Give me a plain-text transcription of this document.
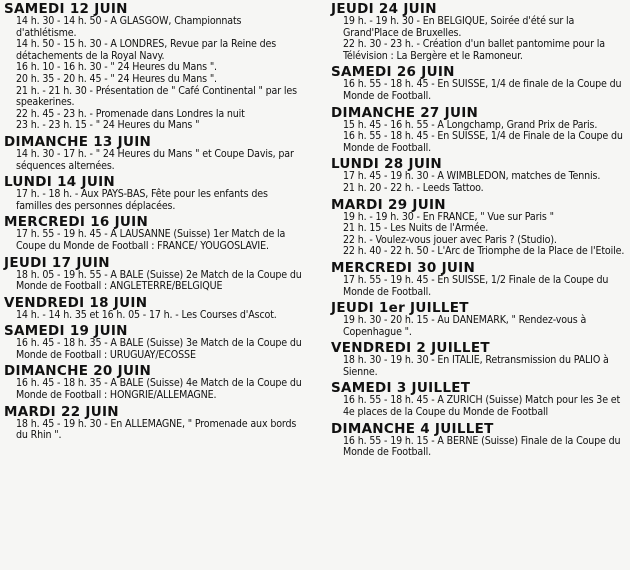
SAMEDI 12 JUIN

14 h. 30 - 14 h. 50 - A GLASGOW, Championnats d'athlétisme.

14 h. 50 - 15 h. 30 - A LONDRES, Revue par la Reine des détachements de la Royal Navy.

16 h. 10 - 16 h. 30 - " 24 Heures du Mans ".

20 h. 35 - 20 h. 45 - " 24 Heures du Mans ".

21 h. - 21 h. 30 - Présentation de " Café Continental " par les speakerines.

22 h. 45 - 23 h. - Promenade dans Londres la nuit

23 h. - 23 h. 15 - " 24 Heures du Mans "

DIMANCHE 13 JUIN

14 h. 30 - 17 h. - " 24 Heures du Mans " et Coupe Davis, par séquences alternées.

LUNDI 14 JUIN

17 h. - 18 h. - Aux PAYS-BAS, Fête pour les enfants des familles des personnes déplacées.

MERCREDI 16 JUIN

17 h. 55 - 19 h. 45 - A LAUSANNE (Suisse) 1er Match de la Coupe du Monde de Football : FRANCE/ YOUGOSLAVIE.

JEUDI 17 JUIN

18 h. 05 - 19 h. 55 - A BALE (Suisse) 2e Match de la Coupe du Monde de Football : ANGLETERRE/BELGIQUE

VENDREDI 18 JUIN

14 h. - 14 h. 35 et 16 h. 05 - 17 h. - Les Courses d'Ascot.

SAMEDI 19 JUIN

16 h. 45 - 18 h. 35 - A BALE (Suisse) 3e Match de la Coupe du Monde de Football : URUGUAY/ECOSSE

DIMANCHE 20 JUIN

16 h. 45 - 18 h. 35 - A BALE (Suisse) 4e Match de la Coupe du Monde de Football : HONGRIE/ALLEMAGNE.

MARDI 22 JUIN

18 h. 45 - 19 h. 30 - En ALLEMAGNE, " Promenade aux bords du Rhin ".

JEUDI 24 JUIN

19 h. - 19 h. 30 - En BELGIQUE, Soirée d'été sur la Grand'Place de Bruxelles.

22 h. 30 - 23 h. - Création d'un ballet pantomime pour la Télévision : La Bergère et le Ramoneur.

SAMEDI 26 JUIN

16 h. 55 - 18 h. 45 - En SUISSE, 1/4 de finale de la Coupe du Monde de Football.

DIMANCHE 27 JUIN

15 h. 45 - 16 h. 55 - A Longchamp, Grand Prix de Paris.

16 h. 55 - 18 h. 45 - En SUISSE, 1/4 de Finale de la Coupe du Monde de Football.

LUNDI 28 JUIN

17 h. 45 - 19 h. 30 - A WIMBLEDON, matches de Tennis.

21 h. 20 - 22 h. - Leeds Tattoo.

MARDI 29 JUIN

19 h. - 19 h. 30 - En FRANCE, " Vue sur Paris "

21 h. 15 - Les Nuits de l'Armée.

22 h. - Voulez-vous jouer avec Paris ? (Studio).

22 h. 40 - 22 h. 50 - L'Arc de Triomphe de la Place de l'Etoile.

MERCREDI 30 JUIN

17 h. 55 - 19 h. 45 - En SUISSE, 1/2 Finale de la Coupe du Monde de Football.

JEUDI 1er JUILLET

19 h. 30 - 20 h. 15 - Au DANEMARK, " Rendez-vous à Copenhague ".

VENDREDI 2 JUILLET

18 h. 30 - 19 h. 30 - En ITALIE, Retransmission du PALIO à Sienne.

SAMEDI 3 JUILLET

16 h. 55 - 18 h. 45 - A ZURICH (Suisse) Match pour les 3e et 4e places de la Coupe du Monde de Football

DIMANCHE 4 JUILLET

16 h. 55 - 19 h. 15 - A BERNE (Suisse) Finale de la Coupe du Monde de Football.
